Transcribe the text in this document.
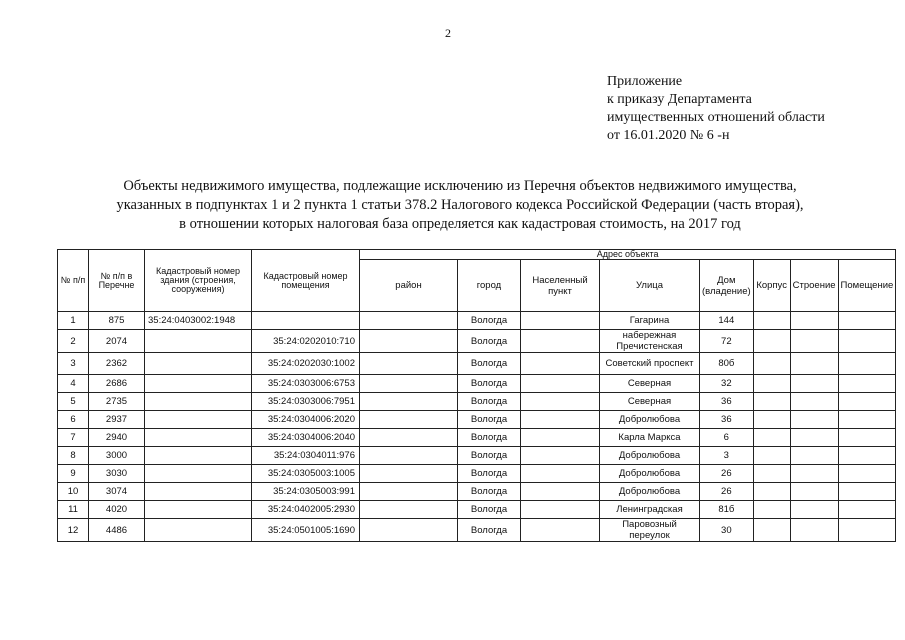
2
Приложение
к приказу Департамента
имущественных отношений области
от 16.01.2020 № 6 -н
Объекты недвижимого имущества, подлежащие исключению из Перечня объектов недвижимого имущества,
указанных в подпунктах 1 и 2 пункта 1 статьи 378.2 Налогового кодекса Российской Федерации (часть вторая),
в отношении которых налоговая база определяется как кадастровая стоимость, на 2017 год
№ п/п	№ п/п в Перечне	Кадастровый номер здания (строения, сооружения)	Кадастровый номер помещения	Адрес объекта							
				район	город	Населенный пункт	Улица	Дом (владение)	Корпус	Строение	Помещение
1	875	35:24:0403002:1948			Вологда		Гагарина	144			
2	2074		35:24:0202010:710		Вологда		набережная Пречистенская	72			
3	2362		35:24:0202030:1002		Вологда		Советский проспект	80б			
4	2686		35:24:0303006:6753		Вологда		Северная	32			
5	2735		35:24:0303006:7951		Вологда		Северная	36			
6	2937		35:24:0304006:2020		Вологда		Добролюбова	36			
7	2940		35:24:0304006:2040		Вологда		Карла Маркса	6			
8	3000		35:24:0304011:976		Вологда		Добролюбова	3			
9	3030		35:24:0305003:1005		Вологда		Добролюбова	26			
10	3074		35:24:0305003:991		Вологда		Добролюбова	26			
11	4020		35:24:0402005:2930		Вологда		Ленинградская	81б			
12	4486		35:24:0501005:1690		Вологда		Паровозный переулок	30			
